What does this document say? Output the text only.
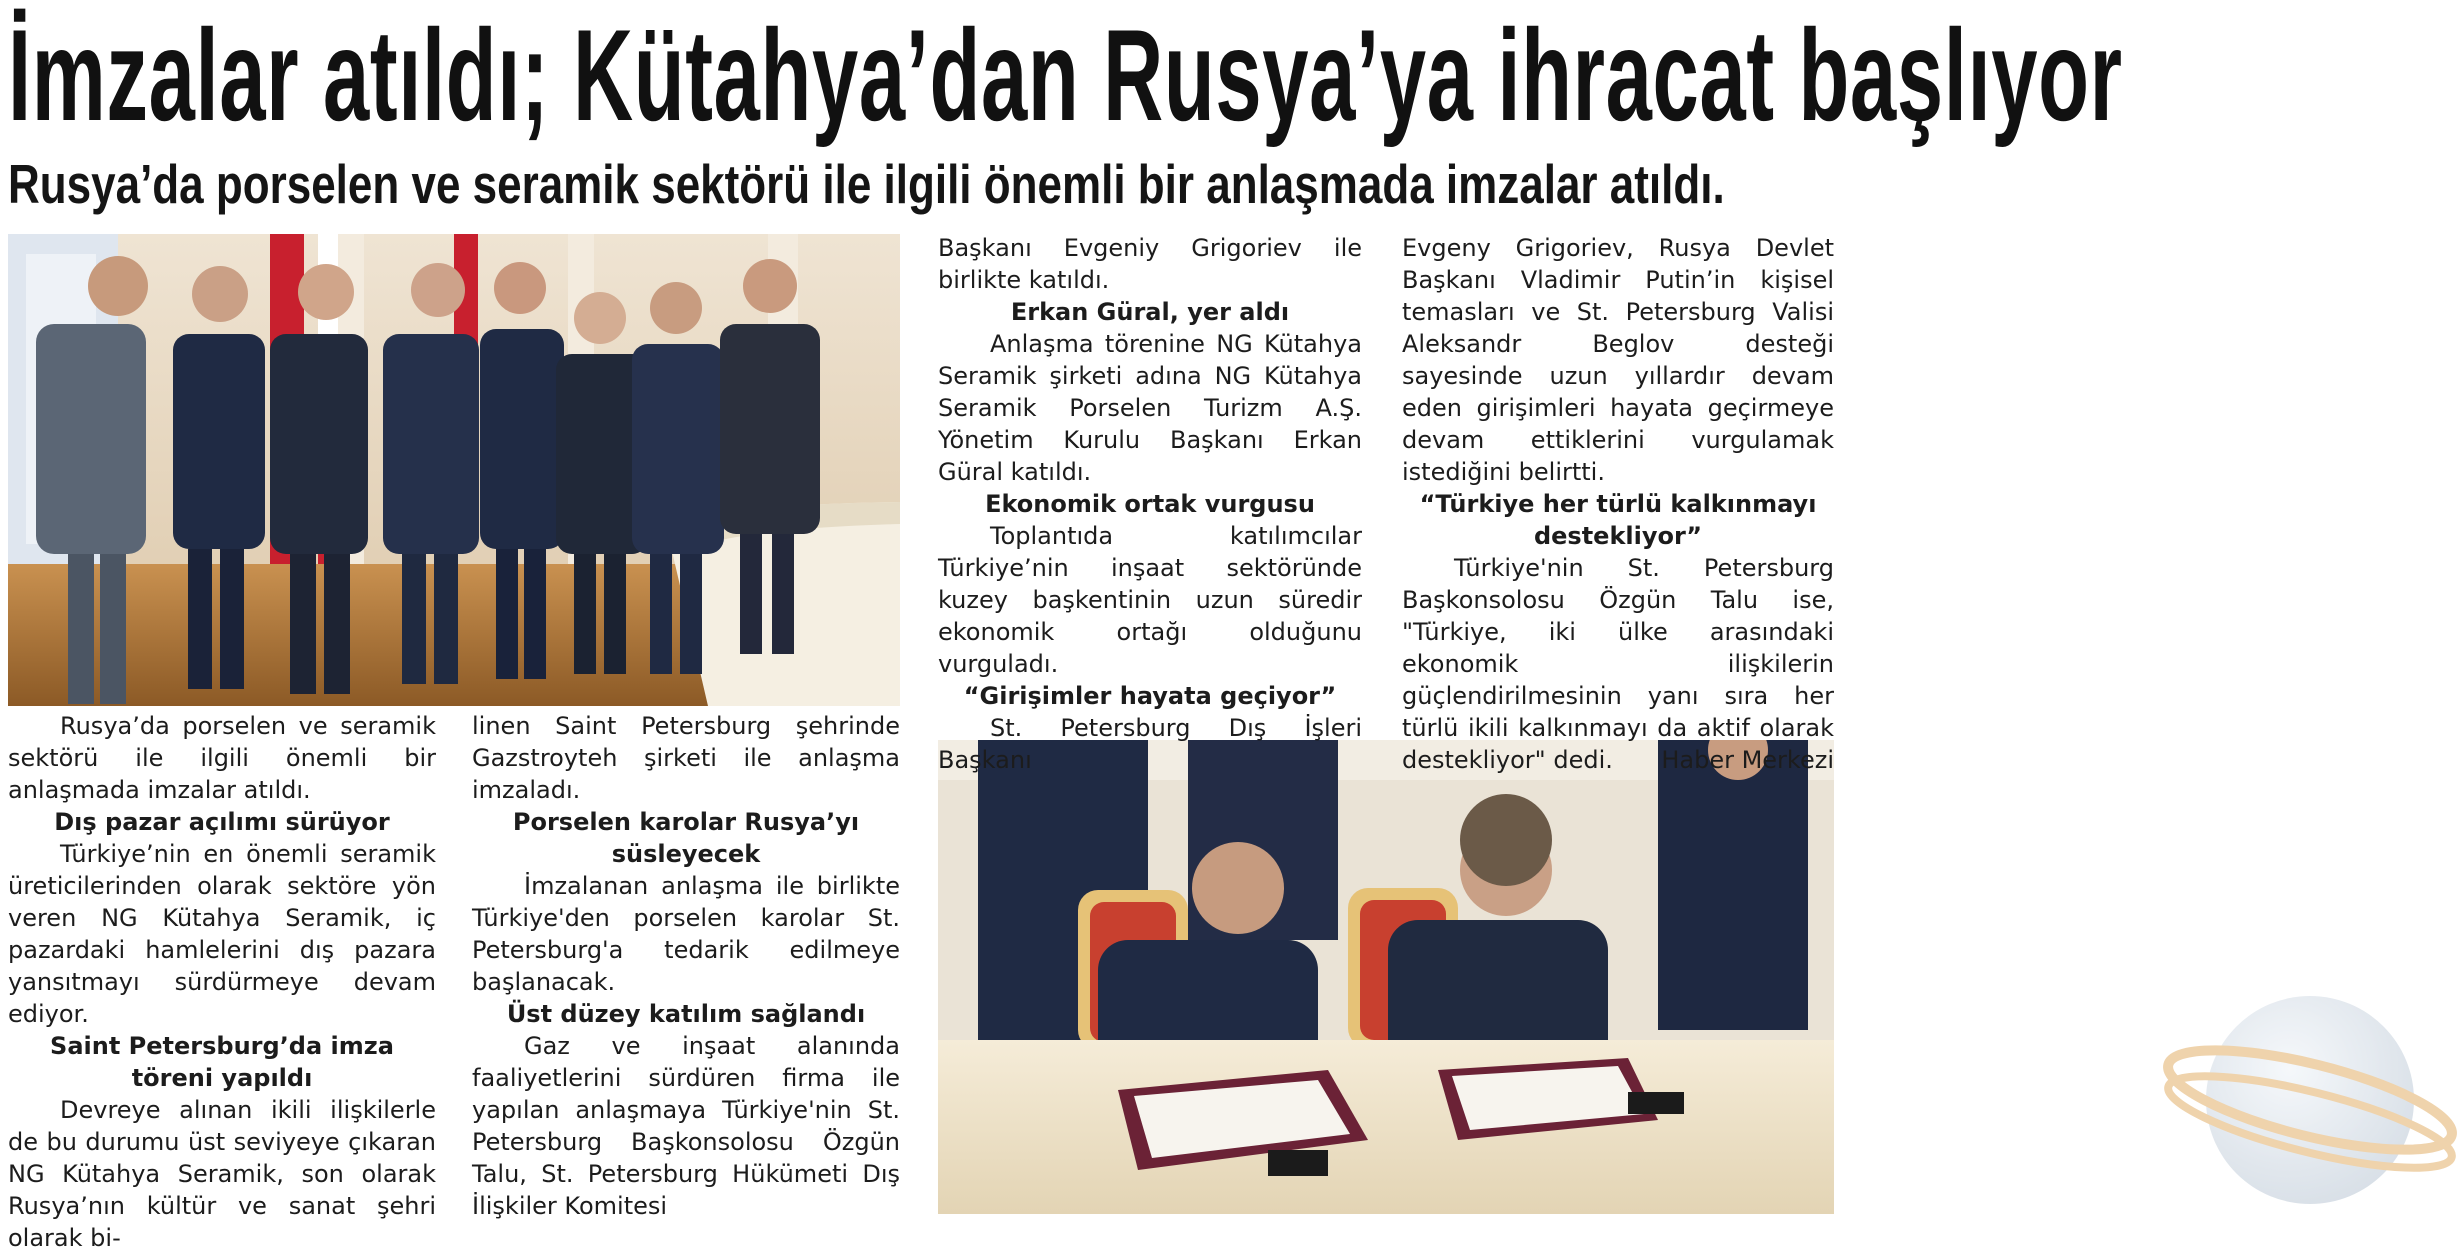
İmzalar atıldı; Kütahya’dan Rusya’ya ihracat başlıyor
Rusya’da porselen ve seramik sektörü ile ilgili önemli bir anlaşmada imzalar atıldı.

Rusya’da porselen ve seramik sektörü ile ilgili önemli bir anlaşmada imzalar atıldı.

Dış pazar açılımı sürüyor

Türkiye’nin en önemli seramik üreticilerinden olarak sektöre yön veren NG Kütahya Seramik, iç pazardaki hamlelerini dış pazara yansıtmayı sürdürmeye devam ediyor.

Saint Petersburg’da imza töreni yapıldı

Devreye alınan ikili ilişkilerle de bu durumu üst seviyeye çıkaran NG Kütahya Seramik, son olarak Rusya’nın kültür ve sanat şehri olarak bi-

linen Saint Petersburg şehrinde Gazstroyteh şirketi ile anlaşma imzaladı.

Porselen karolar Rusya’yı süsleyecek

İmzalanan anlaşma ile birlikte Türkiye'den porselen karolar St. Petersburg'a tedarik edilmeye başlanacak.

Üst düzey katılım sağlandı

Gaz ve inşaat alanında faaliyetlerini sürdüren firma ile yapılan anlaşmaya Türkiye'nin St. Petersburg Başkonsolosu Özgün Talu, St. Petersburg Hükümeti Dış İlişkiler Komitesi

Başkanı Evgeniy Grigoriev ile birlikte katıldı.

Erkan Güral, yer aldı

Anlaşma törenine NG Kütahya Seramik şirketi adına NG Kütahya Seramik Porselen Turizm A.Ş. Yönetim Kurulu Başkanı Erkan Güral katıldı.

Ekonomik ortak vurgusu

Toplantıda katılımcılar Türkiye’nin inşaat sektöründe kuzey başkentinin uzun süredir ekonomik ortağı olduğunu vurguladı.

“Girişimler hayata geçiyor”

St. Petersburg Dış İşleri Başkanı

Evgeny Grigoriev, Rusya Devlet Başkanı Vladimir Putin’in kişisel temasları ve St. Petersburg Valisi Aleksandr Beglov desteği sayesinde uzun yıllardır devam eden girişimleri hayata geçirmeye devam ettiklerini vurgulamak istediğini belirtti.

“Türkiye her türlü kalkınmayı destekliyor”

Türkiye'nin St. Petersburg Başkonsolosu Özgün Talu ise, "Türkiye, iki ülke arasındaki ekonomik ilişkilerin güçlendirilmesinin yanı sıra her türlü ikili kalkınmayı da aktif olarak destekliyor" dedi.	Haber Merkezi
